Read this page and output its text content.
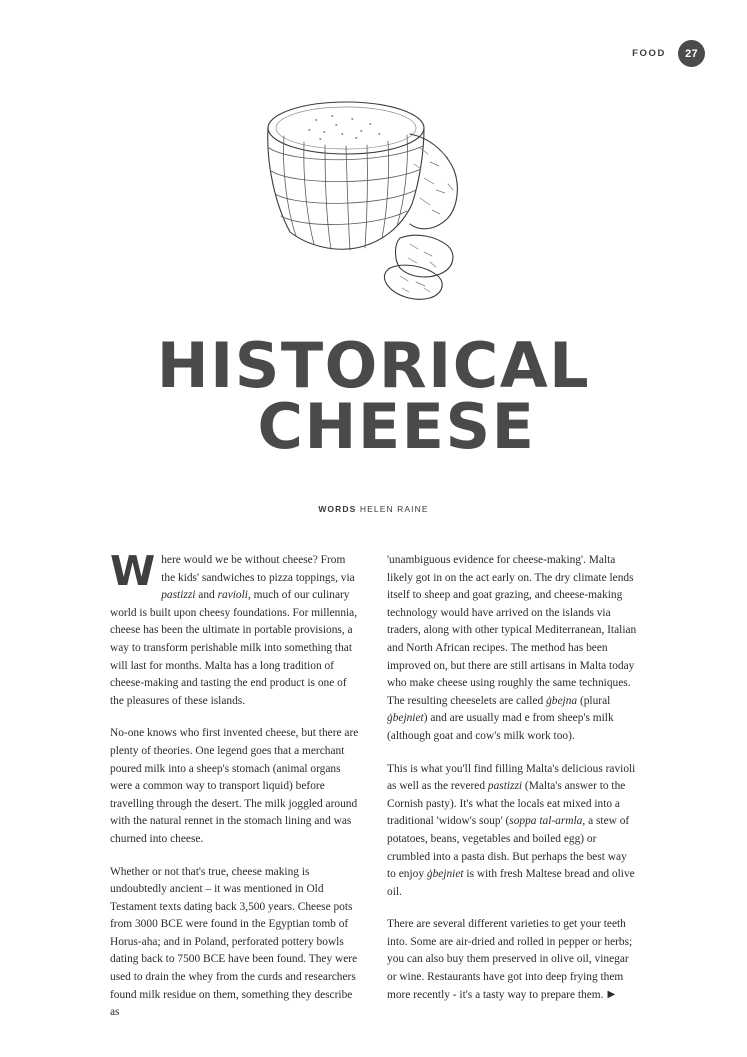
FOOD	27
HISTORICAL
CHEESE
WORDS HELEN RAINE

Where would we be without cheese? From the kids' sandwiches to pizza toppings, via pastizzi and ravioli, much of our culinary world is built upon cheesy foundations. For millennia, cheese has been the ultimate in portable provisions, a way to transform perishable milk into something that will last for months. Malta has a long tradition of cheese-making and tasting the end product is one of the pleasures of these islands.

No-one knows who first invented cheese, but there are plenty of theories. One legend goes that a merchant poured milk into a sheep's stomach (animal organs were a common way to transport liquid) before travelling through the desert. The milk joggled around with the natural rennet in the stomach lining and was churned into cheese.

Whether or not that's true, cheese making is undoubtedly ancient – it was mentioned in Old Testament texts dating back 3,500 years. Cheese pots from 3000 BCE were found in the Egyptian tomb of Horus-aha; and in Poland, perforated pottery bowls dating back to 7500 BCE have been found. They were used to drain the whey from the curds and researchers found milk residue on them, something they describe as

'unambiguous evidence for cheese-making'. Malta likely got in on the act early on. The dry climate lends itself to sheep and goat grazing, and cheese-making technology would have arrived on the islands via traders, along with other typical Mediterranean, Italian and North African recipes. The method has been improved on, but there are still artisans in Malta today who make cheese using roughly the same techniques. The resulting cheeselets are called ġbejna (plural ġbejniet) and are usually mad e from sheep's milk (although goat and cow's milk work too).

This is what you'll find filling Malta's delicious ravioli as well as the revered pastizzi (Malta's answer to the Cornish pasty). It's what the locals eat mixed into a traditional 'widow's soup' (soppa tal-armla, a stew of potatoes, beans, vegetables and boiled egg) or crumbled into a pasta dish. But perhaps the best way to enjoy ġbejniet is with fresh Maltese bread and olive oil.

There are several different varieties to get your teeth into. Some are air-dried and rolled in pepper or herbs; you can also buy them preserved in olive oil, vinegar or wine. Restaurants have got into deep frying them more recently - it's a tasty way to prepare them. ▶
